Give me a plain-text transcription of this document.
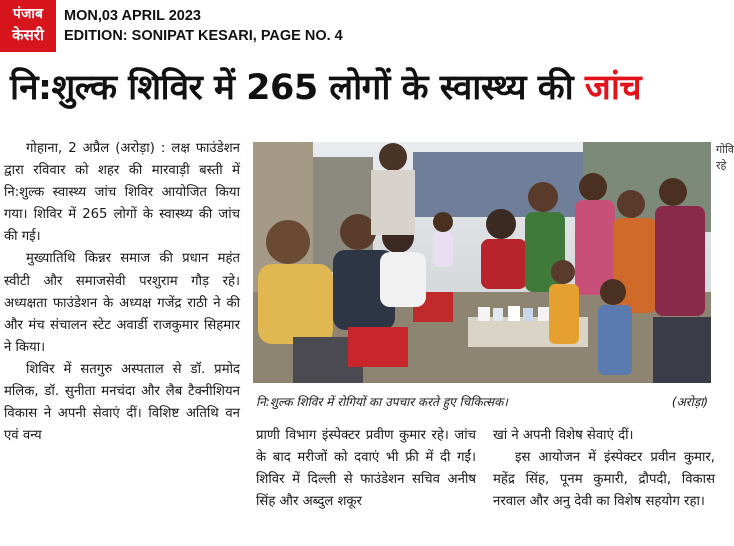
पंजाब
केसरी
MON,03 APRIL 2023
EDITION: SONIPAT KESARI, PAGE NO. 4
नि:शुल्क शिविर में 265 लोगों के स्वास्थ्य की जांच

गोहाना, 2 अप्रैल (अरोड़ा) : लक्ष फाउंडेशन द्वारा रविवार को शहर की मारवाड़ी बस्ती में नि:शुल्क स्वास्थ्य जांच शिविर आयोजित किया गया। शिविर में 265 लोगों के स्वास्थ्य की जांच की गई।

मुख्यातिथि किन्नर समाज की प्रधान महंत स्वीटी और समाजसेवी परशुराम गौड़ रहे। अध्यक्षता फाउंडेशन के अध्यक्ष गजेंद्र राठी ने की और मंच संचालन स्टेट अवार्डी राजकुमार सिहमार ने किया।

शिविर में सतगुरु अस्पताल से डॉ. प्रमोद मलिक, डॉ. सुनीता मनचंदा और लैब टैक्नीशियन विकास ने अपनी सेवाएं दीं। विशिष्ट अतिथि वन एवं वन्य

नि:शुल्क शिविर में रोगियों का उपचार करते हुए चिकित्सक।	(अरोड़ा)

प्राणी विभाग इंस्पेक्टर प्रवीण कुमार रहे। जांच के बाद मरीजों को दवाएं भी फ्री में दी गईं। शिविर में दिल्ली से फाउंडेशन सचिव अनीष सिंह और अब्दुल शकूर

खां ने अपनी विशेष सेवाएं दीं।

इस आयोजन में इंस्पेक्टर प्रवीन कुमार, महेंद्र सिंह, पूनम कुमारी, द्रौपदी, विकास नरवाल और अनु देवी का विशेष सहयोग रहा।

गोवि रहे
